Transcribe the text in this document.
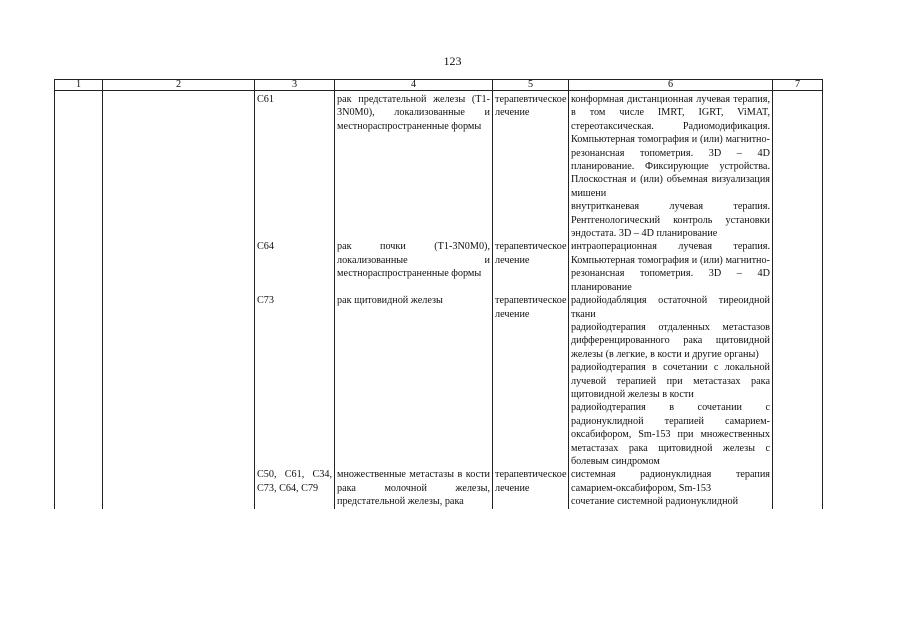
123
1	2	3	4	5	6	7
		C61	рак предстательной железы (T1-3N0M0), локализованные и местнораспространенные формы	терапевтическое лечение	конформная дистанционная лучевая терапия, в том числе IMRT, IGRT, ViMAT, стереотаксическая. Радиомодификация. Компьютерная томография и (или) магнитно-резонансная топометрия. 3D – 4D планирование. Фиксирующие устройства. Плоскостная и (или) объемная визуализация мишени
внутритканевая лучевая терапия. Рентгенологический контроль установки эндостата. 3D – 4D планирование	

		C64	рак почки (T1-3N0M0), локализованные и местнораспространенные формы	терапевтическое лечение	интраоперационная лучевая терапия. Компьютерная томография и (или) магнитно-резонансная топометрия. 3D – 4D планирование	

		C73	рак щитовидной железы	терапевтическое лечение	радиойодабляция остаточной тиреоидной ткани
радиойодтерапия отдаленных метастазов дифференцированного рака щитовидной железы (в легкие, в кости и другие органы)
радиойодтерапия в сочетании с локальной лучевой терапией при метастазах рака щитовидной железы в кости
радиойодтерапия в сочетании с радионуклидной терапией самарием-оксабифором, Sm-153 при множественных метастазах рака щитовидной железы с болевым синдромом	

		C50, C61, C34, C73, C64, C79	множественные метастазы в кости рака молочной железы, предстательной железы, рака	терапевтическое лечение	системная радионуклидная терапия самарием-оксабифором, Sm-153
сочетание системной радионуклидной	
